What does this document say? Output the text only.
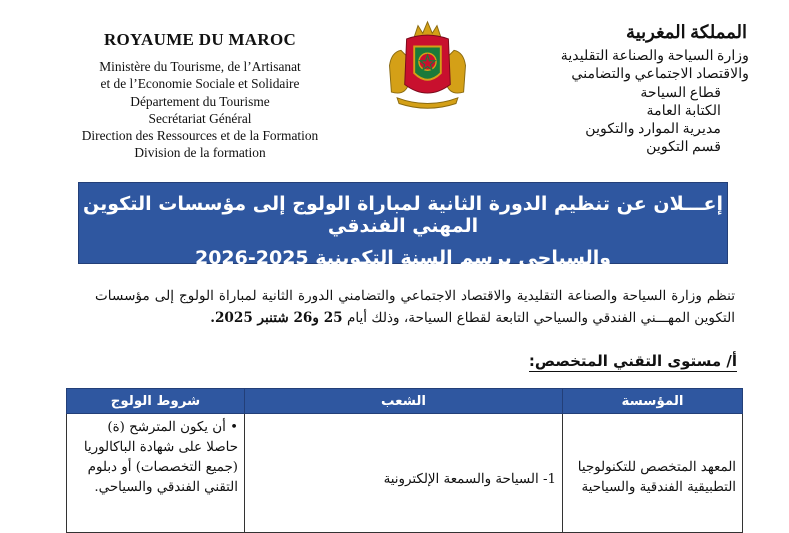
ROYAUME DU MAROC
Ministère du Tourisme, de l’Artisanat
et de l’Economie Sociale et Solidaire
Département du Tourisme
Secrétariat Général
Direction des Ressources et de la Formation
Division de la formation
المملكة المغربية
وزارة السياحة والصناعة التقليدية
والاقتصاد الاجتماعي والتضامني
قطاع السياحة
الكتابة العامة
مديرية الموارد والتكوين
قسم التكوين
إعـــلان عن تنظيم الدورة الثانية لمباراة الولوج إلى مؤسسات التكوين المهني الفندقي
والسياحي برسم السنة التكوينية 2025-2026
تنظم وزارة السياحة والصناعة التقليدية والاقتصاد الاجتماعي والتضامني الدورة الثانية لمباراة الولوج إلى مؤسسات التكوين المهـــني الفندقي والسياحي التابعة لقطاع السياحة، وذلك أيام 25 و26 شتنبر 2025.
أ/ مستوى التقني المتخصص:
المؤسسة	الشعب	شروط الولوج

المعهد المتخصص للتكنولوجيا التطبيقية الفندقية والسياحية	1- السياحة والسمعة الإلكترونية	• أن يكون المترشح (ة) حاصلا على شهادة الباكالوريا (جميع التخصصات) أو دبلوم التقني الفندقي والسياحي.
